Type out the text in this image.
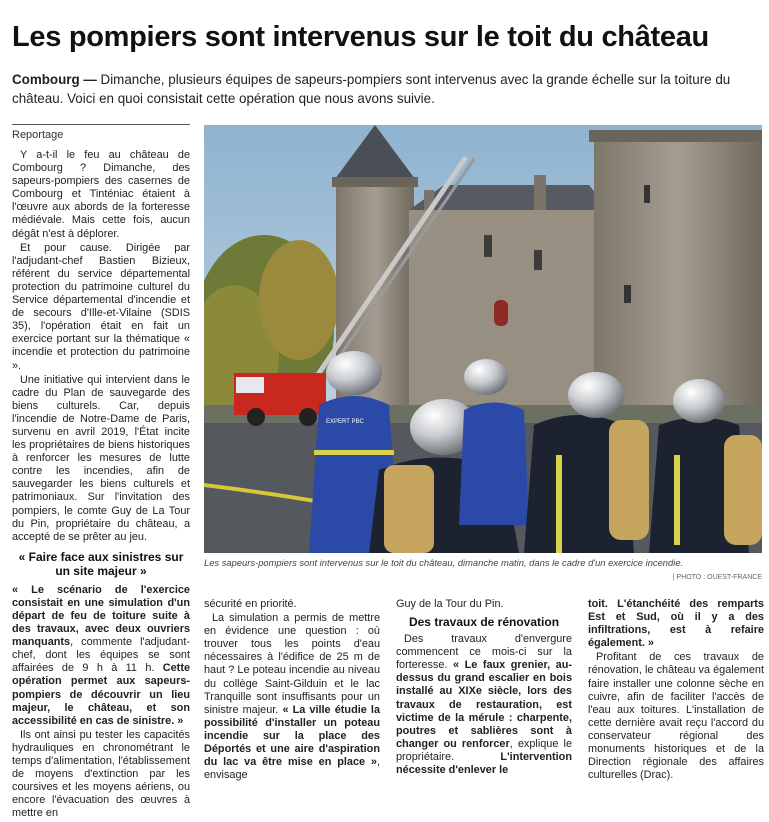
Les pompiers sont intervenus sur le toit du château
Combourg — Dimanche, plusieurs équipes de sapeurs-pompiers sont intervenus avec la grande échelle sur la toiture du château. Voici en quoi consistait cette opération que nous avons suivie.
Reportage

Y a-t-il le feu au château de Combourg ? Dimanche, des sapeurs-pompiers des casernes de Combourg et Tinténiac étaient à l'œuvre aux abords de la forteresse médiévale. Mais cette fois, aucun dégât n'est à déplorer.

Et pour cause. Dirigée par l'adjudant-chef Bastien Bizieux, référent du service départemental protection du patrimoine culturel du Service départemental d'incendie et de secours d'Ille-et-Vilaine (SDIS 35), l'opération était en fait un exercice portant sur la thématique « incendie et protection du patrimoine ».

Une initiative qui intervient dans le cadre du Plan de sauvegarde des biens culturels. Car, depuis l'incendie de Notre-Dame de Paris, survenu en avril 2019, l'État incite les propriétaires de biens historiques à renforcer les mesures de lutte contre les incendies, afin de sauvegarder les biens culturels et patrimoniaux. Sur l'invitation des pompiers, le comte Guy de La Tour du Pin, propriétaire du château, a accepté de se prêter au jeu.

« Faire face aux sinistres sur un site majeur »

« Le scénario de l'exercice consistait en une simulation d'un départ de feu de toiture suite à des travaux, avec deux ouvriers manquants, commente l'adjudant-chef, dont les équipes se sont affairées de 9 h à 11 h. Cette opération permet aux sapeurs-pompiers de découvrir un lieu majeur, le château, et son accessibilité en cas de sinistre. »

Ils ont ainsi pu tester les capacités hydrauliques en chronométrant le temps d'alimentation, l'établissement de moyens d'extinction par les coursives et les moyens aériens, ou encore l'évacuation des œuvres à mettre en

EXPERT PBC
Les sapeurs-pompiers sont intervenus sur le toit du château, dimanche matin, dans le cadre d'un exercice incendie.
| PHOTO : OUEST-FRANCE

sécurité en priorité.

La simulation a permis de mettre en évidence une question : où trouver tous les points d'eau nécessaires à l'édifice de 25 m de haut ? Le poteau incendie au niveau du collège Saint-Gilduin et le lac Tranquille sont insuffisants pour un sinistre majeur. « La ville étudie la possibilité d'installer un poteau incendie sur la place des Déportés et une aire d'aspiration du lac va être mise en place », envisage

Guy de la Tour du Pin.

Des travaux de rénovation

Des travaux d'envergure commencent ce mois-ci sur la forteresse. « Le faux grenier, au-dessus du grand escalier en bois installé au XIXe siècle, lors des travaux de restauration, est victime de la mérule : charpente, poutres et sablières sont à changer ou renforcer, explique le propriétaire. L'intervention nécessite d'enlever le

toit. L'étanchéité des remparts Est et Sud, où il y a des infiltrations, est à refaire également. »

Profitant de ces travaux de rénovation, le château va également faire installer une colonne sèche en cuivre, afin de faciliter l'accès de l'eau aux toitures. L'installation de cette dernière avait reçu l'accord du conservateur régional des monuments historiques et de la Direction régionale des affaires culturelles (Drac).
